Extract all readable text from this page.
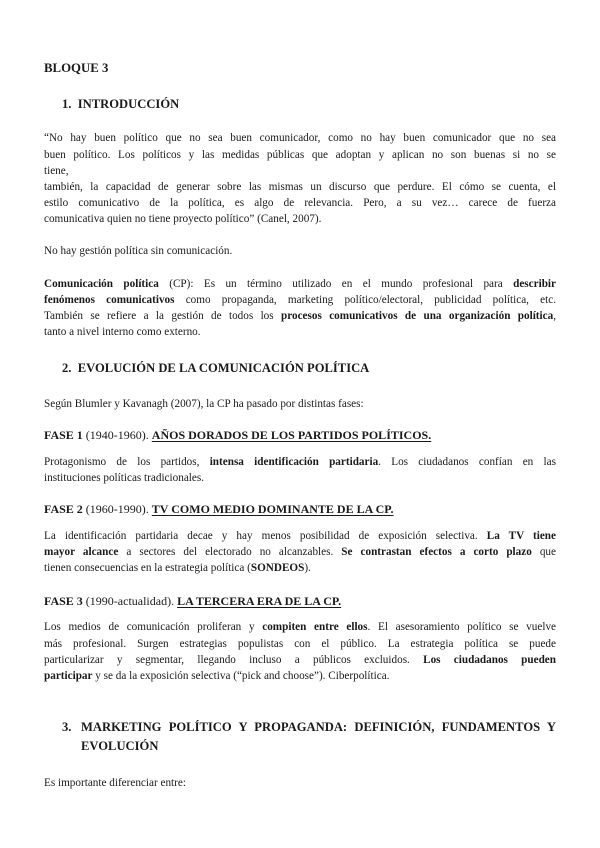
BLOQUE 3
1. INTRODUCCIÓN
“No hay buen político que no sea buen comunicador, como no hay buen comunicador que no sea
buen político. Los políticos y las medidas públicas que adoptan y aplican no son buenas si no se
tiene,
también, la capacidad de generar sobre las mismas un discurso que perdure. El cómo se cuenta, el
estilo comunicativo de la política, es algo de relevancia. Pero, a su vez… carece de fuerza
comunicativa quien no tiene proyecto político” (Canel, 2007).
No hay gestión política sin comunicación.
Comunicación política (CP): Es un término utilizado en el mundo profesional para describir
fenómenos comunicativos como propaganda, marketing político/electoral, publicidad política, etc.
También se refiere a la gestión de todos los procesos comunicativos de una organización política,
tanto a nivel interno como externo.
2. EVOLUCIÓN DE LA COMUNICACIÓN POLÍTICA
Según Blumler y Kavanagh (2007), la CP ha pasado por distintas fases:
FASE 1 (1940-1960). AÑOS DORADOS DE LOS PARTIDOS POLÍTICOS.
Protagonismo de los partidos, intensa identificación partidaria. Los ciudadanos confían en las
instituciones políticas tradicionales.
FASE 2 (1960-1990). TV COMO MEDIO DOMINANTE DE LA CP.
La identificación partidaria decae y hay menos posibilidad de exposición selectiva. La TV tiene
mayor alcance a sectores del electorado no alcanzables. Se contrastan efectos a corto plazo que
tienen consecuencias en la estrategia política (SONDEOS).
FASE 3 (1990-actualidad). LA TERCERA ERA DE LA CP.
Los medios de comunicación proliferan y compiten entre ellos. El asesoramiento político se vuelve
más profesional. Surgen estrategias populistas con el público. La estrategia política se puede
particularizar y segmentar, llegando incluso a públicos excluidos. Los ciudadanos pueden
participar y se da la exposición selectiva (“pick and choose”). Ciberpolítica.
3. MARKETING POLÍTICO Y PROPAGANDA: DEFINICIÓN, FUNDAMENTOS Y
EVOLUCIÓN
Es importante diferenciar entre:
